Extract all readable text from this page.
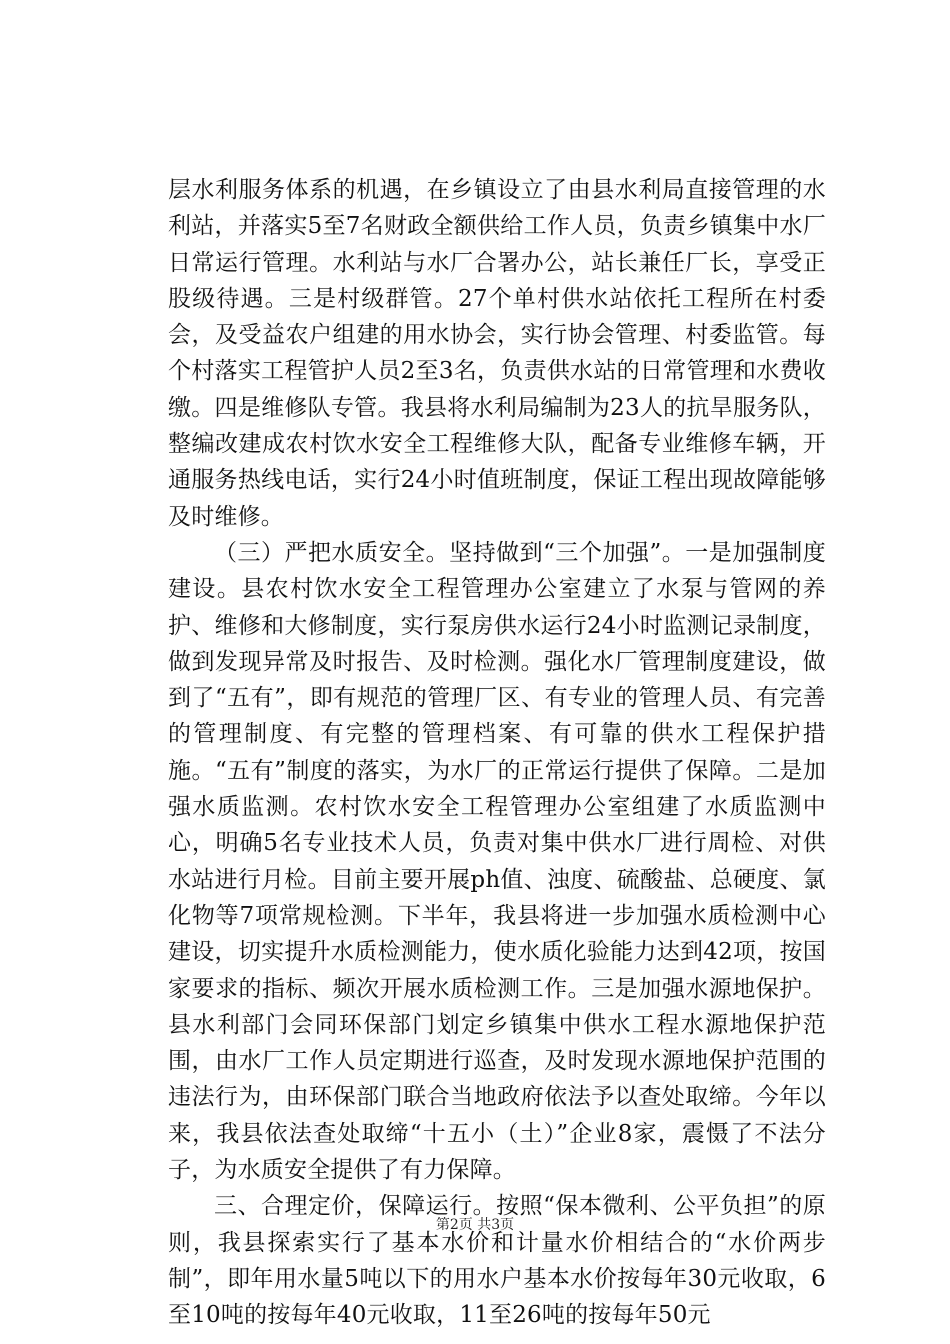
层水利服务体系的机遇，在乡镇设立了由县水利局直接管理的水利站，并落实5至7名财政全额供给工作人员，负责乡镇集中水厂日常运行管理。水利站与水厂合署办公，站长兼任厂长，享受正股级待遇。三是村级群管。27个单村供水站依托工程所在村委会，及受益农户组建的用水协会，实行协会管理、村委监管。每个村落实工程管护人员2至3名，负责供水站的日常管理和水费收缴。四是维修队专管。我县将水利局编制为23人的抗旱服务队，整编改建成农村饮水安全工程维修大队，配备专业维修车辆，开通服务热线电话，实行24小时值班制度，保证工程出现故障能够及时维修。

（三）严把水质安全。坚持做到“三个加强”。一是加强制度建设。县农村饮水安全工程管理办公室建立了水泵与管网的养护、维修和大修制度，实行泵房供水运行24小时监测记录制度，做到发现异常及时报告、及时检测。强化水厂管理制度建设，做到了“五有”，即有规范的管理厂区、有专业的管理人员、有完善的管理制度、有完整的管理档案、有可靠的供水工程保护措施。“五有”制度的落实，为水厂的正常运行提供了保障。二是加强水质监测。农村饮水安全工程管理办公室组建了水质监测中心，明确5名专业技术人员，负责对集中供水厂进行周检、对供水站进行月检。目前主要开展ph值、浊度、硫酸盐、总硬度、氯化物等7项常规检测。下半年，我县将进一步加强水质检测中心建设，切实提升水质检测能力，使水质化验能力达到42项，按国家要求的指标、频次开展水质检测工作。三是加强水源地保护。县水利部门会同环保部门划定乡镇集中供水工程水源地保护范围，由水厂工作人员定期进行巡查，及时发现水源地保护范围的违法行为，由环保部门联合当地政府依法予以查处取缔。今年以来，我县依法查处取缔“十五小（土）”企业8家，震慑了不法分子，为水质安全提供了有力保障。

三、合理定价，保障运行。按照“保本微利、公平负担”的原则，我县探索实行了基本水价和计量水价相结合的“水价两步制”，即年用水量5吨以下的用水户基本水价按每年30元收取，6至10吨的按每年40元收取，11至26吨的按每年50元

第2页 共3页
